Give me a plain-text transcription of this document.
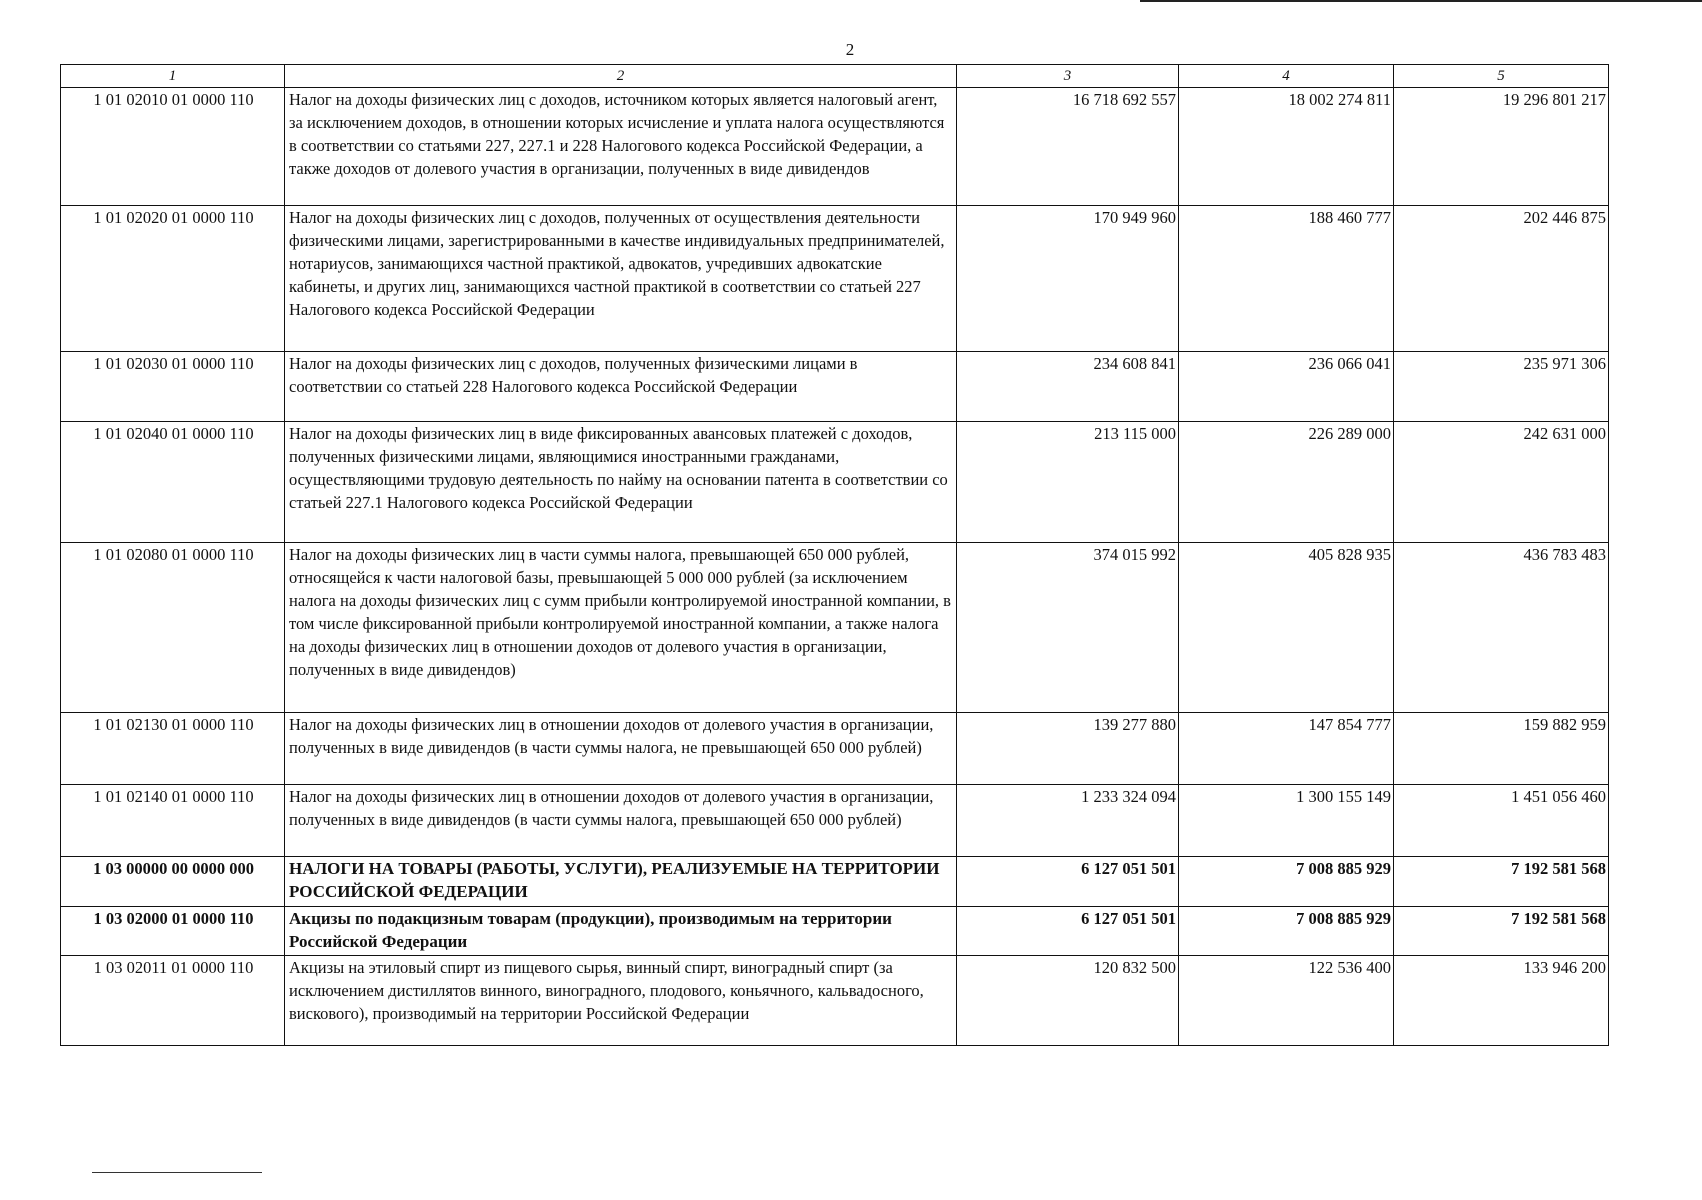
2
1	2	3	4	5
1 01 02010 01 0000 110	Налог на доходы физических лиц с доходов, источником которых является налоговый агент, за исключением доходов, в отношении которых исчисление и уплата налога осуществляются в соответствии со статьями 227, 227.1 и 228 Налогового кодекса Российской Федерации, а также доходов от долевого участия в организации, полученных в виде дивидендов	16 718 692 557	18 002 274 811	19 296 801 217
1 01 02020 01 0000 110	Налог на доходы физических лиц с доходов, полученных от осуществления деятельности физическими лицами, зарегистрированными в качестве индивидуальных предпринимателей, нотариусов, занимающихся частной практикой, адвокатов, учредивших адвокатские кабинеты, и других лиц, занимающихся частной практикой в соответствии со статьей 227 Налогового кодекса Российской Федерации	170 949 960	188 460 777	202 446 875
1 01 02030 01 0000 110	Налог на доходы физических лиц с доходов, полученных физическими лицами в соответствии со статьей 228 Налогового кодекса Российской Федерации	234 608 841	236 066 041	235 971 306
1 01 02040 01 0000 110	Налог на доходы физических лиц в виде фиксированных авансовых платежей с доходов, полученных физическими лицами, являющимися иностранными гражданами, осуществляющими трудовую деятельность по найму на основании патента в соответствии со статьей 227.1 Налогового кодекса Российской Федерации	213 115 000	226 289 000	242 631 000
1 01 02080 01 0000 110	Налог на доходы физических лиц в части суммы налога, превышающей 650 000 рублей, относящейся к части налоговой базы, превышающей 5 000 000 рублей (за исключением налога на доходы физических лиц с сумм прибыли контролируемой иностранной компании, в том числе фиксированной прибыли контролируемой иностранной компании, а также налога на доходы физических лиц в отношении доходов от долевого участия в организации, полученных в виде дивидендов)	374 015 992	405 828 935	436 783 483
1 01 02130 01 0000 110	Налог на доходы физических лиц в отношении доходов от долевого участия в организации, полученных в виде дивидендов (в части суммы налога, не превышающей 650 000 рублей)	139 277 880	147 854 777	159 882 959
1 01 02140 01 0000 110	Налог на доходы физических лиц в отношении доходов от долевого участия в организации, полученных в виде дивидендов (в части суммы налога, превышающей 650 000 рублей)	1 233 324 094	1 300 155 149	1 451 056 460
1 03 00000 00 0000 000	НАЛОГИ НА ТОВАРЫ (РАБОТЫ, УСЛУГИ), РЕАЛИЗУЕМЫЕ НА ТЕРРИТОРИИ РОССИЙСКОЙ ФЕДЕРАЦИИ	6 127 051 501	7 008 885 929	7 192 581 568
1 03 02000 01 0000 110	Акцизы по подакцизным товарам (продукции), производимым на территории Российской Федерации	6 127 051 501	7 008 885 929	7 192 581 568
1 03 02011 01 0000 110	Акцизы на этиловый спирт из пищевого сырья, винный спирт, виноградный спирт (за исключением дистиллятов винного, виноградного, плодового, коньячного, кальвадосного, вискового), производимый на территории Российской Федерации	120 832 500	122 536 400	133 946 200
